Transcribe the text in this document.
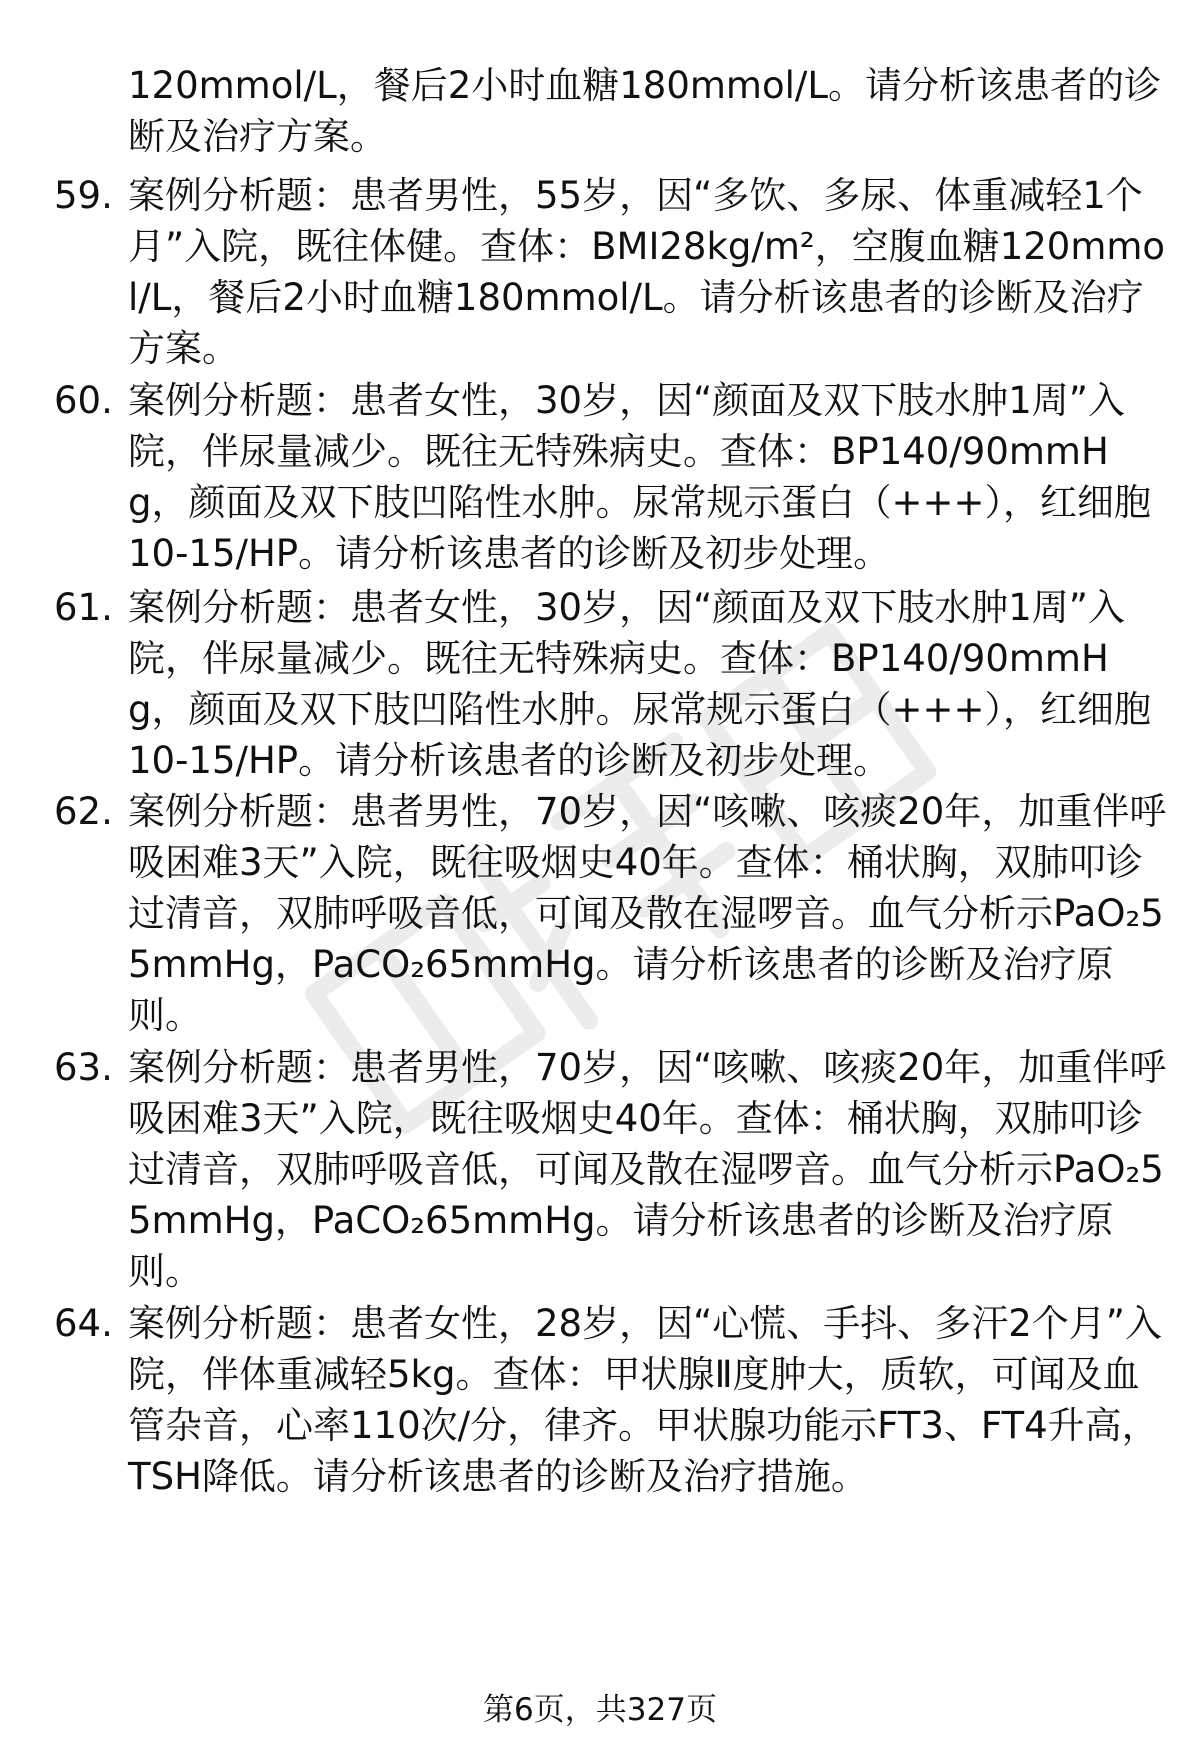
120mmol/L，餐后2小时血糖180mmol/L。请分析该患者的诊断及治疗方案。
59. 案例分析题：患者男性，55岁，因“多饮、多尿、体重减轻1个月”入院，既往体健。查体：BMI28kg/m²，空腹血糖120mmol/L，餐后2小时血糖180mmol/L。请分析该患者的诊断及治疗方案。
60. 案例分析题：患者女性，30岁，因“颜面及双下肢水肿1周”入院，伴尿量减少。既往无特殊病史。查体：BP140/90mmHg，颜面及双下肢凹陷性水肿。尿常规示蛋白（+++），红细胞10-15/HP。请分析该患者的诊断及初步处理。
61. 案例分析题：患者女性，30岁，因“颜面及双下肢水肿1周”入院，伴尿量减少。既往无特殊病史。查体：BP140/90mmHg，颜面及双下肢凹陷性水肿。尿常规示蛋白（+++），红细胞10-15/HP。请分析该患者的诊断及初步处理。
62. 案例分析题：患者男性，70岁，因“咳嗽、咳痰20年，加重伴呼吸困难3天”入院，既往吸烟史40年。查体：桶状胸，双肺叩诊过清音，双肺呼吸音低，可闻及散在湿啰音。血气分析示PaO₂55mmHg，PaCO₂65mmHg。请分析该患者的诊断及治疗原则。
63. 案例分析题：患者男性，70岁，因“咳嗽、咳痰20年，加重伴呼吸困难3天”入院，既往吸烟史40年。查体：桶状胸，双肺叩诊过清音，双肺呼吸音低，可闻及散在湿啰音。血气分析示PaO₂55mmHg，PaCO₂65mmHg。请分析该患者的诊断及治疗原则。
64. 案例分析题：患者女性，28岁，因“心慌、手抖、多汗2个月”入院，伴体重减轻5kg。查体：甲状腺Ⅱ度肿大，质软，可闻及血管杂音，心率110次/分，律齐。甲状腺功能示FT3、FT4升高，TSH降低。请分析该患者的诊断及治疗措施。
第6页，共327页
